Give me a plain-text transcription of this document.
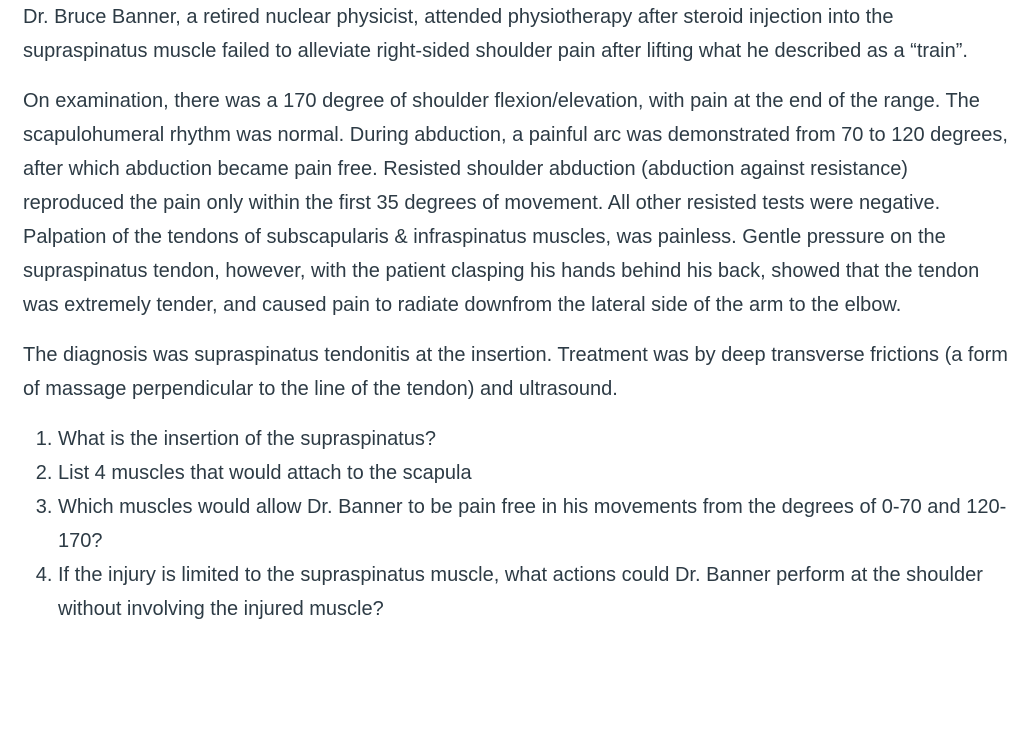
Dr. Bruce Banner, a retired nuclear physicist, attended physiotherapy after steroid injection into the supraspinatus muscle failed to alleviate right-sided shoulder pain after lifting what he described as a “train”.

On examination, there was a 170 degree of shoulder flexion/elevation, with pain at the end of the range. The scapulohumeral rhythm was normal. During abduction, a painful arc was demonstrated from 70 to 120 degrees, after which abduction became pain free. Resisted shoulder abduction (abduction against resistance) reproduced the pain only within the first 35 degrees of movement. All other resisted tests were negative. Palpation of the tendons of subscapularis & infraspinatus muscles, was painless. Gentle pressure on the supraspinatus tendon, however, with the patient clasping his hands behind his back, showed that the tendon was extremely tender, and caused pain to radiate downfrom the lateral side of the arm to the elbow.

The diagnosis was supraspinatus tendonitis at the insertion. Treatment was by deep transverse frictions (a form of massage perpendicular to the line of the tendon) and ultrasound.

1. What is the insertion of the supraspinatus?
2. List 4 muscles that would attach to the scapula
3. Which muscles would allow Dr. Banner to be pain free in his movements from the degrees of 0-70 and 120-170?
4. If the injury is limited to the supraspinatus muscle, what actions could Dr. Banner perform at the shoulder without involving the injured muscle?
